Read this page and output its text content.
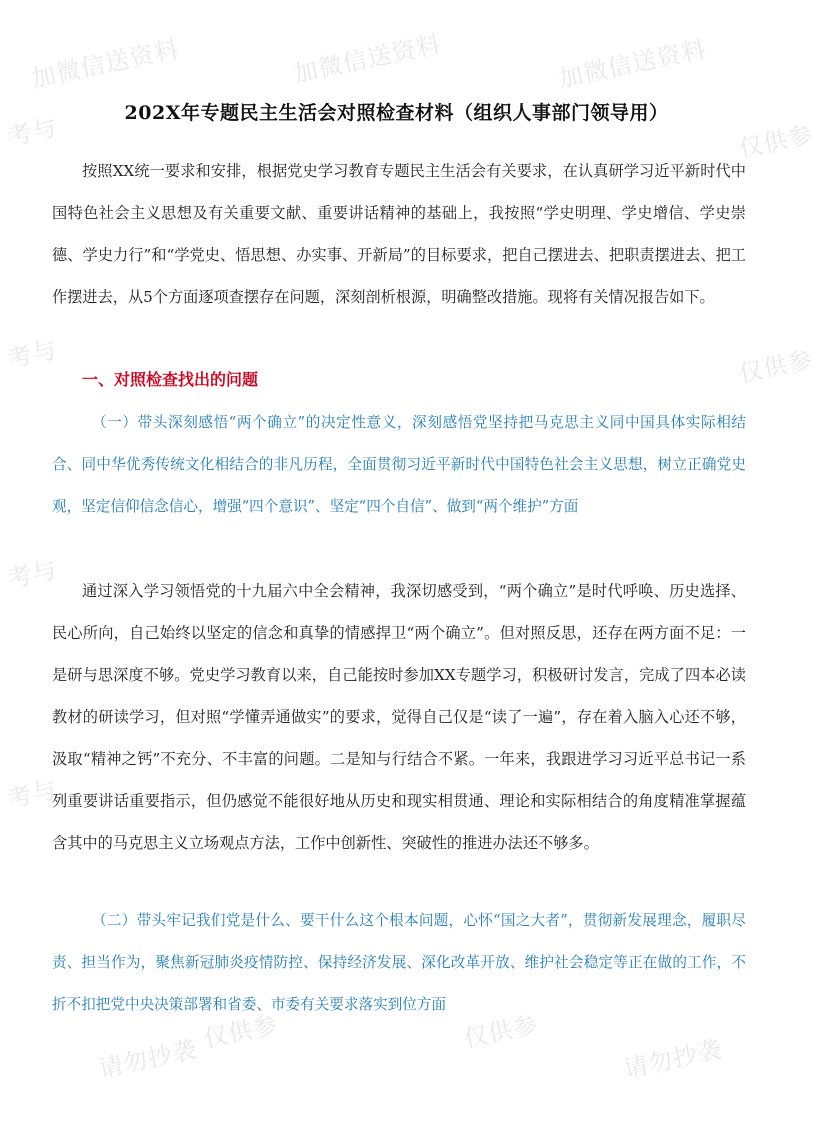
加微信送资料	加微信送资料	加微信送资料
考与
考与
考与
考与
仅供参
仅供参
仅供参	仅供参
请勿抄袭	请勿抄袭
202X年专题民主生活会对照检查材料（组织人事部门领导用）

按照XX统一要求和安排，根据党史学习教育专题民主生活会有关要求，在认真研学习近平新时代中国特色社会主义思想及有关重要文献、重要讲话精神的基础上，我按照“学史明理、学史增信、学史崇德、学史力行”和“学党史、悟思想、办实事、开新局”的目标要求，把自己摆进去、把职责摆进去、把工作摆进去，从5个方面逐项查摆存在问题，深刻剖析根源，明确整改措施。现将有关情况报告如下。

一、对照检查找出的问题

（一）带头深刻感悟“两个确立”的决定性意义，深刻感悟党坚持把马克思主义同中国具体实际相结合、同中华优秀传统文化相结合的非凡历程，全面贯彻习近平新时代中国特色社会主义思想，树立正确党史观，坚定信仰信念信心，增强“四个意识”、坚定“四个自信”、做到“两个维护”方面

通过深入学习领悟党的十九届六中全会精神，我深切感受到，“两个确立”是时代呼唤、历史选择、民心所向，自己始终以坚定的信念和真挚的情感捍卫“两个确立”。但对照反思，还存在两方面不足：一是研与思深度不够。党史学习教育以来，自己能按时参加XX专题学习，积极研讨发言，完成了四本必读教材的研读学习，但对照“学懂弄通做实”的要求，觉得自己仅是“读了一遍”，存在着入脑入心还不够，汲取“精神之钙”不充分、不丰富的问题。二是知与行结合不紧。一年来，我跟进学习习近平总书记一系列重要讲话重要指示，但仍感觉不能很好地从历史和现实相贯通、理论和实际相结合的角度精准掌握蕴含其中的马克思主义立场观点方法，工作中创新性、突破性的推进办法还不够多。

（二）带头牢记我们党是什么、要干什么这个根本问题，心怀“国之大者”，贯彻新发展理念，履职尽责、担当作为，聚焦新冠肺炎疫情防控、保持经济发展、深化改革开放、维护社会稳定等正在做的工作，不折不扣把党中央决策部署和省委、市委有关要求落实到位方面
